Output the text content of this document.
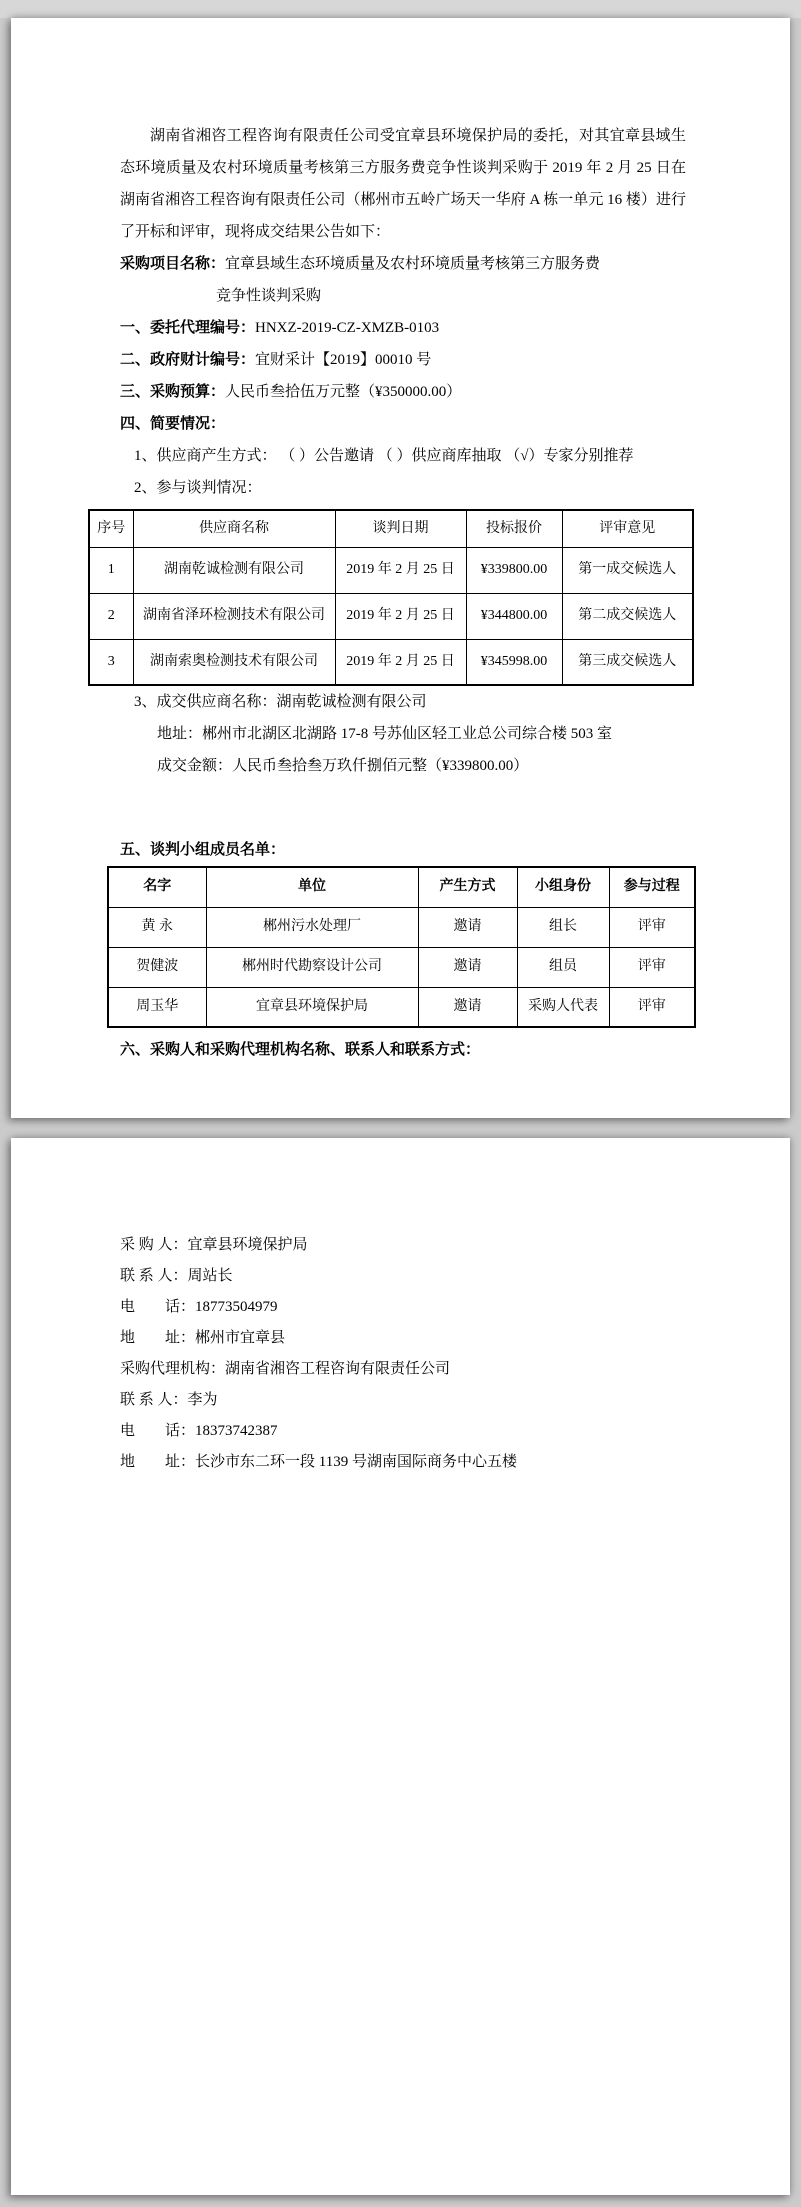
湖南省湘咨工程咨询有限责任公司受宜章县环境保护局的委托，对其宜章县域生态环境质量及农村环境质量考核第三方服务费竞争性谈判采购于 2019 年 2 月 25 日在湖南省湘咨工程咨询有限责任公司（郴州市五岭广场天一华府 A 栋一单元 16 楼）进行了开标和评审，现将成交结果公告如下：

采购项目名称：宜章县域生态环境质量及农村环境质量考核第三方服务费

竞争性谈判采购

一、委托代理编号：HNXZ-2019-CZ-XMZB-0103

二、政府财计编号：宜财采计【2019】00010 号

三、采购预算：人民币叁拾伍万元整（¥350000.00）

四、简要情况：

1、供应商产生方式： （ ）公告邀请 （ ）供应商库抽取 （√）专家分别推荐

2、参与谈判情况：

序号	供应商名称	谈判日期	投标报价	评审意见
1	湖南乾诚检测有限公司	2019 年 2 月 25 日	¥339800.00	第一成交候选人
2	湖南省泽环检测技术有限公司	2019 年 2 月 25 日	¥344800.00	第二成交候选人
3	湖南索奥检测技术有限公司	2019 年 2 月 25 日	¥345998.00	第三成交候选人

3、成交供应商名称：湖南乾诚检测有限公司

地址：郴州市北湖区北湖路 17-8 号苏仙区轻工业总公司综合楼 503 室

成交金额：人民币叁拾叁万玖仟捌佰元整（¥339800.00）

五、谈判小组成员名单：

名字	单位	产生方式	小组身份	参与过程
黄 永	郴州污水处理厂	邀请	组长	评审
贺健波	郴州时代勘察设计公司	邀请	组员	评审
周玉华	宜章县环境保护局	邀请	采购人代表	评审

六、采购人和采购代理机构名称、联系人和联系方式：

采 购 人：宜章县环境保护局

联 系 人：周站长

电　　话：18773504979

地　　址：郴州市宜章县

采购代理机构：湖南省湘咨工程咨询有限责任公司

联 系 人：李为

电　　话：18373742387

地　　址：长沙市东二环一段 1139 号湖南国际商务中心五楼
